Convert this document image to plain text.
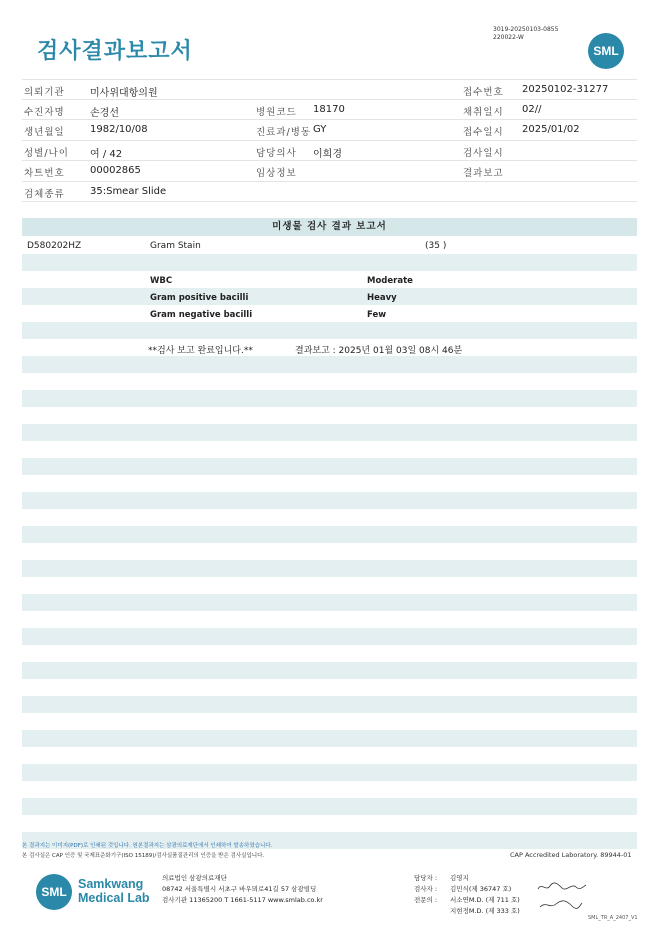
검사결과보고서
3019-20250103-0855
220022-W
SML
의뢰기관	미사위대항의원	접수번호 20250102-31277
수진자명	손경선	병원코드 18170	채취일시 02//
생년월일	1982/10/08	진료과/병동 GY	접수일시 2025/01/02
성별/나이 여 / 42	담당의사 이희경	검사일시
차트번호	00002865	임상정보	결과보고
검체종류	35:Smear Slide
미생물 검사 결과 보고서
D580202HZ	Gram Stain	(35 )
WBC	Moderate
Gram positive bacilli	Heavy
Gram negative bacilli	Few
**검사 보고 완료입니다.**	결과보고 : 2025년 01월 03일 08시 46분
본 결과지는 이미지(PDF)로 인쇄된 것입니다. 원본결과지는 삼광의료재단에서 인쇄하여 발송하였습니다.
본 검사실은 CAP 인증 및 국제표준화기구(ISO 15189)/검사실품질관리의 인증을 받은 검사실입니다.	CAP Accredited Laboratory. 89944-01
SML
Samkwang
Medical Lab
의료법인 삼광의료재단
08742 서울특별시 서초구 바우뫼로41길 57 삼광빌딩
검사기관 11365200 T 1661-5117 www.smlab.co.kr
담당자 : 김영지
검사자 : 김민식(제 36747 호)
전문의 : 서소연M.D. (제 711 호)
지현정M.D. (제 333 호)
SML_TR_A_2407_V1
